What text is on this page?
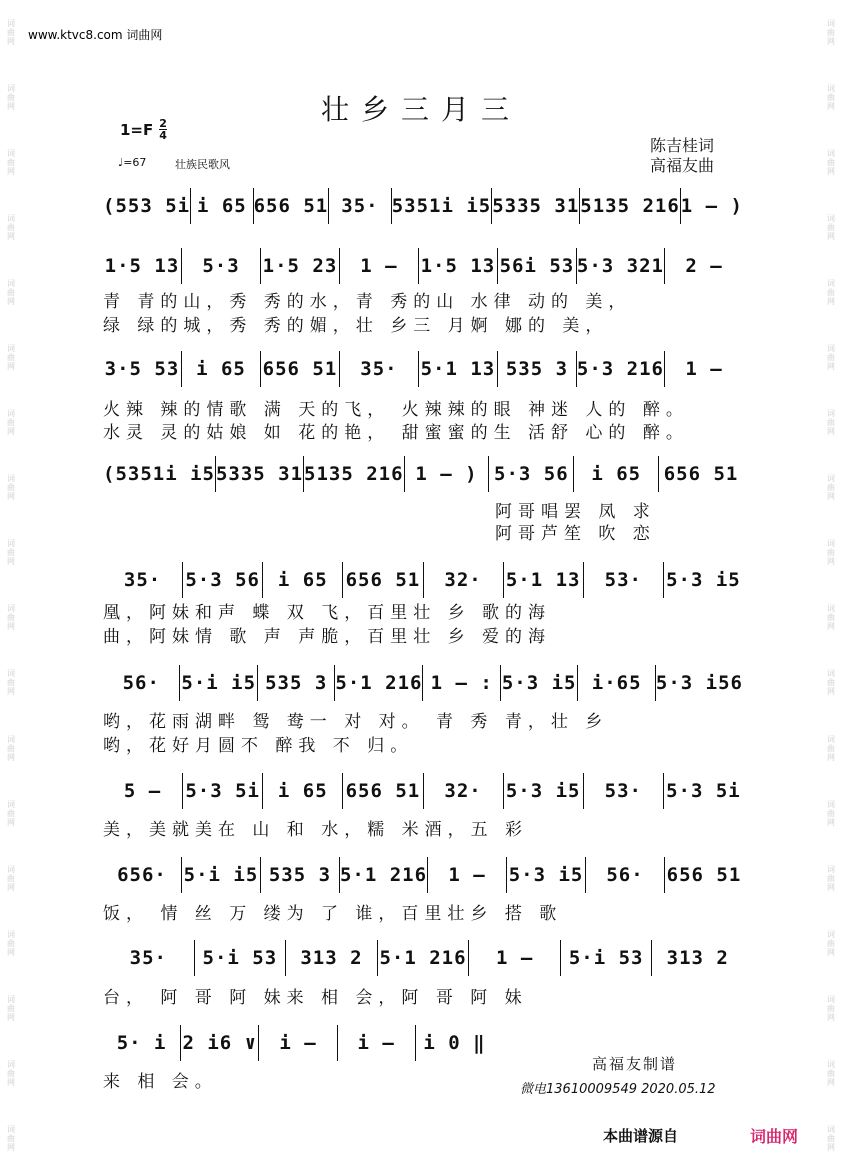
词曲网
词曲网
词曲网
词曲网
词曲网
词曲网
词曲网
词曲网
词曲网
词曲网
词曲网
词曲网
词曲网
词曲网
词曲网
词曲网
词曲网
词曲网
词曲网
词曲网
词曲网
词曲网
词曲网
词曲网
词曲网
词曲网
词曲网
词曲网
词曲网
词曲网
词曲网
词曲网
词曲网
词曲网
词曲网
词曲网
www.ktvc8.com 词曲网
壮乡三月三
$1=F \frac{2}{4}$
♩=67	壮族民歌风
陈吉桂词
高福友曲
(553 5i i 65 656 51 35· 5351i i5 5335 31 5135 216 1 – )
1·5 13	5·3	1·5 23	1 –	1·5 13 56i 53 5·3 321	2 –
青 青的山，秀 秀的水，青 秀的山 水律 动的 美，
绿 绿的城，秀 秀的媚，壮 乡三 月婀 娜的 美，
3·5 53 i 65 656 51	35·	5·1 13 535 3 5·3 216	1 –
火辣 辣的情歌 满 天的飞， 火辣辣的眼 神迷 人的 醉。
水灵 灵的姑娘 如 花的艳， 甜蜜蜜的生 活舒 心的 醉。
(5351i i5 5335 31 5135 216 1 – ) 5·3 56	i 65	656 51
阿哥唱罢 凤 求
阿哥芦笙 吹 恋
35·	5·3 56 i 65 656 51	32·	5·1 13	53·	5·3 i5
凰，阿妹和声 蝶 双 飞，百里壮 乡 歌的海
曲，阿妹情 歌 声 声脆，百里壮 乡 爱的海
56·	5·i i5 535 3 5·1 216 1 – : 5·3 i5 i·65 5·3 i56
哟，花雨湖畔 鸳 鸯一 对 对。 青 秀 青，壮 乡
哟，花好月圆不 醉我 不 归。
5 –	5·3 5i i 65 656 51	32·	5·3 i5	53·	5·3 5i
美，美就美在 山 和 水，糯 米酒，五 彩
656· 5·i i5 535 3 5·1 216	1 –	5·3 i5	56·	656 51
饭， 情 丝 万 缕为 了 谁，百里壮乡 搭 歌
35·	5·i 53	313 2 5·1 216	1 –	5·i 53	313 2
台， 阿 哥 阿 妹来 相 会，阿 哥 阿 妹
5· i 2 i6 ∨	i –	i –	i 0 ‖
来 相 会。
高福友制谱
微电13610009549 2020.05.12
本曲谱源自	词曲网
